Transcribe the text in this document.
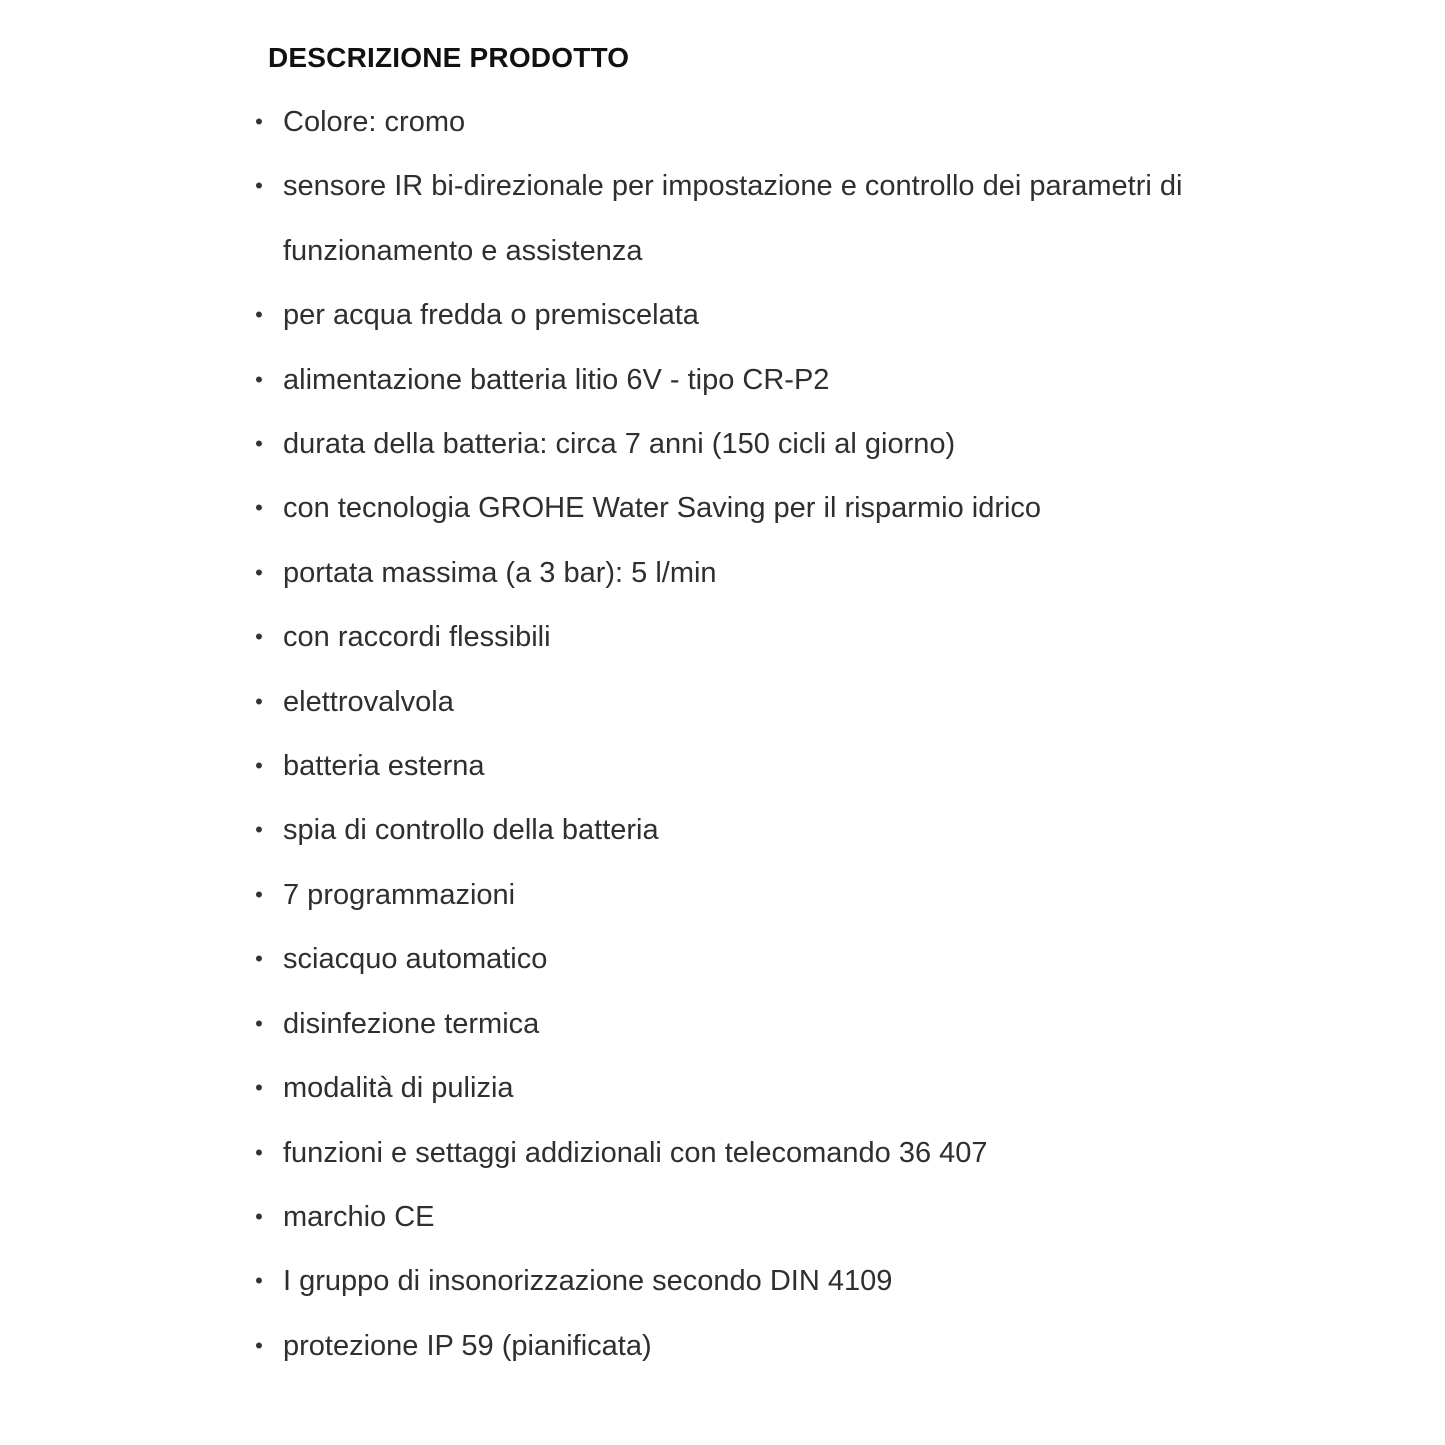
DESCRIZIONE PRODOTTO
• Colore: cromo
• sensore IR bi-direzionale per impostazione e controllo dei parametri di funzionamento e assistenza
• per acqua fredda o premiscelata
• alimentazione batteria litio 6V - tipo CR-P2
• durata della batteria: circa 7 anni (150 cicli al giorno)
• con tecnologia GROHE Water Saving per il risparmio idrico
• portata massima (a 3 bar): 5 l/min
• con raccordi flessibili
• elettrovalvola
• batteria esterna
• spia di controllo della batteria
• 7 programmazioni
• sciacquo automatico
• disinfezione termica
• modalità di pulizia
• funzioni e settaggi addizionali con telecomando 36 407
• marchio CE
• I gruppo di insonorizzazione secondo DIN 4109
• protezione IP 59 (pianificata)
